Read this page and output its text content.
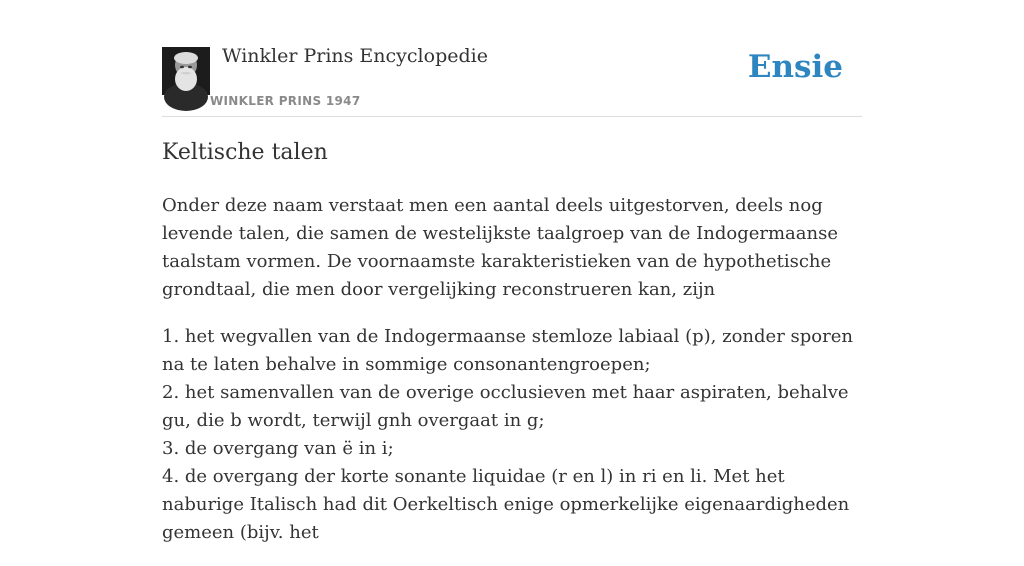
Winkler Prins Encyclopedie
WINKLER PRINS 1947
Ensie
Keltische talen

Onder deze naam verstaat men een aantal deels uitgestorven, deels nog levende talen, die samen de westelijkste taalgroep van de Indogermaanse taalstam vormen. De voornaamste karakteristieken van de hypothetische grondtaal, die men door vergelijking reconstrueren kan, zijn

1. het wegvallen van de Indogermaanse stemloze labiaal (p), zonder sporen na te laten behalve in sommige consonantengroepen;
2. het samenvallen van de overige occlusieven met haar aspiraten, behalve gu, die b wordt, terwijl gnh overgaat in g;
3. de overgang van ë in i;
4. de overgang der korte sonante liquidae (r en l) in ri en li. Met het naburige Italisch had dit Oerkeltisch enige opmerkelijke eigenaardigheden gemeen (bijv. het
